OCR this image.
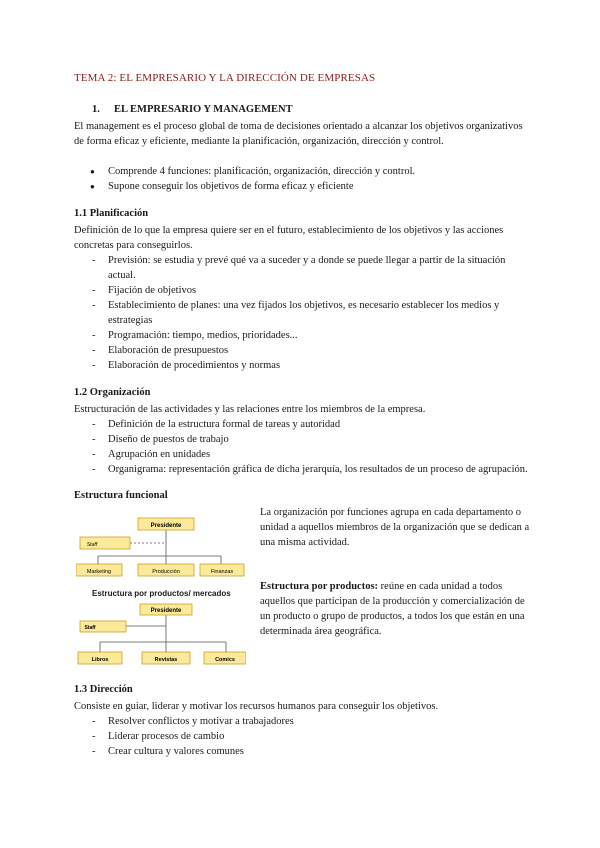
TEMA 2: EL EMPRESARIO Y LA DIRECCIÓN DE EMPRESAS
1. EL EMPRESARIO Y MANAGEMENT
El management es el proceso global de toma de decisiones orientado a alcanzar los objetivos organizativos de forma eficaz y eficiente, mediante la planificación, organización, dirección y control.
● Comprende 4 funciones: planificación, organización, dirección y control.
● Supone conseguir los objetivos de forma eficaz y eficiente
1.1 Planificación
Definición de lo que la empresa quiere ser en el futuro, establecimiento de los objetivos y las acciones concretas para conseguirlos.
- Previsión: se estudia y prevé qué va a suceder y a donde se puede llegar a partir de la situación actual.
- Fijación de objetivos
- Establecimiento de planes: una vez fijados los objetivos, es necesario establecer los medios y estrategias
- Programación: tiempo, medios, prioridades...
- Elaboración de presupuestos
- Elaboración de procedimientos y normas
1.2 Organización
Estructuración de las actividades y las relaciones entre los miembros de la empresa.
- Definición de la estructura formal de tareas y autoridad
- Diseño de puestos de trabajo
- Agrupación en unidades
- Organigrama: representación gráfica de dicha jerarquía, los resultados de un proceso de agrupación.
Estructura funcional
La organización por funciones agrupa en cada departamento o unidad a aquellos miembros de la organización que se dedican a una misma actividad.
Estructura por productos: reúne en cada unidad a todos aquellos que participan de la producción y comercialización de un producto o grupo de productos, a todos los que están en una determinada área geográfica.
Presidente
Staff
Marketing	Producción	Finanzas
Estructura por productos/ mercados
Presidente
Staff
Libros	Revistas	Comics
1.3 Dirección
Consiste en guiar, liderar y motivar los recursos humanos para conseguir los objetivos.
- Resolver conflictos y motivar a trabajadores
- Liderar procesos de cambio
- Crear cultura y valores comunes
